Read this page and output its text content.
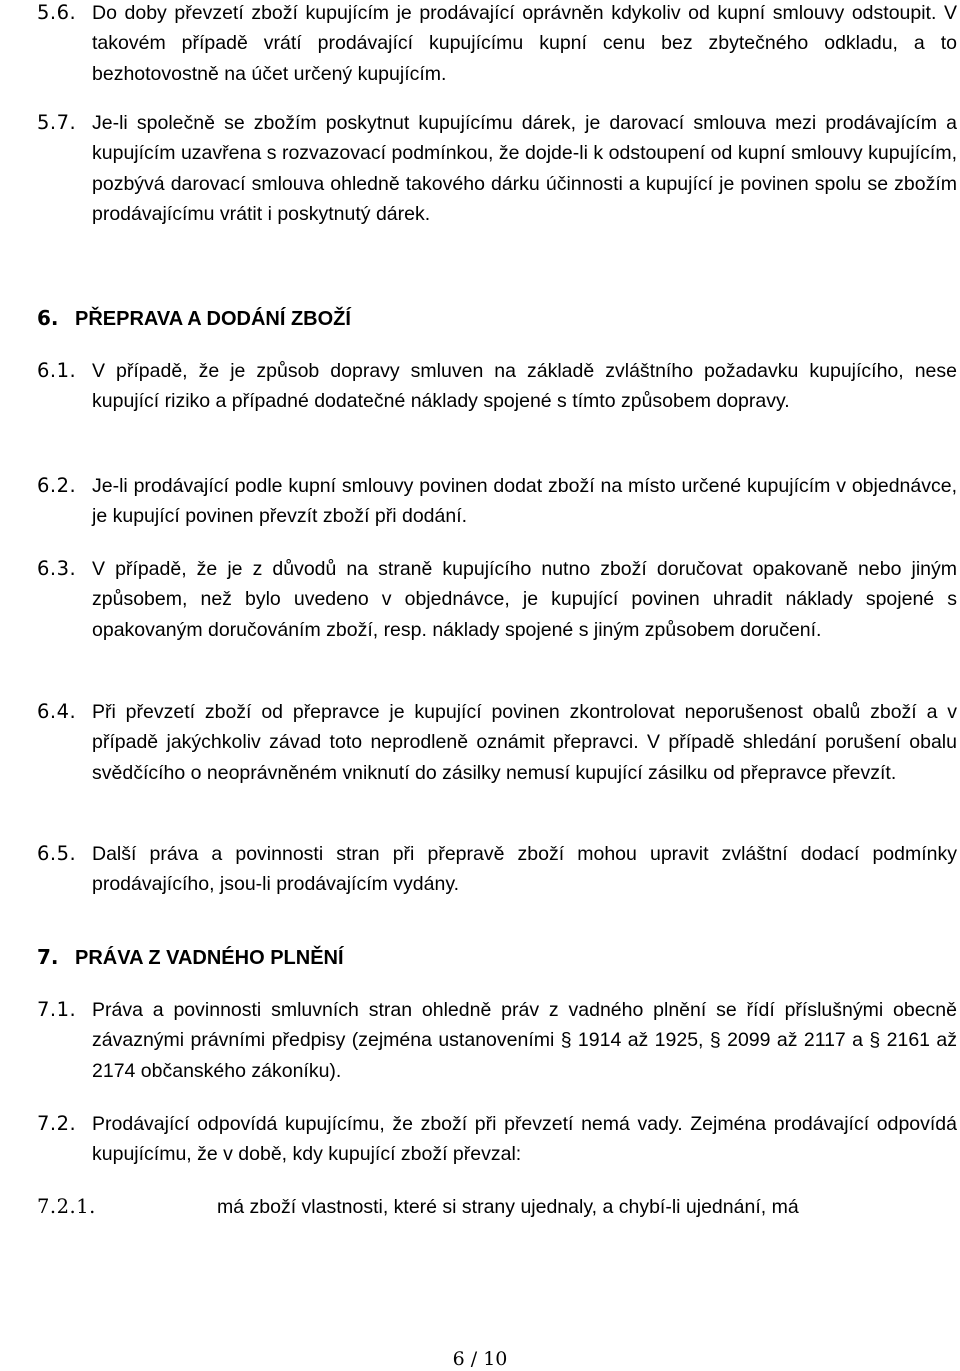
5.6. Do doby převzetí zboží kupujícím je prodávající oprávněn kdykoliv od kupní smlouvy odstoupit. V takovém případě vrátí prodávající kupujícímu kupní cenu bez zbytečného odkladu, a to bezhotovostně na účet určený kupujícím.
5.7. Je-li společně se zbožím poskytnut kupujícímu dárek, je darovací smlouva mezi prodávajícím a kupujícím uzavřena s rozvazovací podmínkou, že dojde-li k odstoupení od kupní smlouvy kupujícím, pozbývá darovací smlouva ohledně takového dárku účinnosti a kupující je povinen spolu se zbožím prodávajícímu vrátit i poskytnutý dárek.
6. PŘEPRAVA A DODÁNÍ ZBOŽÍ
6.1. V případě, že je způsob dopravy smluven na základě zvláštního požadavku kupujícího, nese kupující riziko a případné dodatečné náklady spojené s tímto způsobem dopravy.
6.2. Je-li prodávající podle kupní smlouvy povinen dodat zboží na místo určené kupujícím v objednávce, je kupující povinen převzít zboží při dodání.
6.3. V případě, že je z důvodů na straně kupujícího nutno zboží doručovat opakovaně nebo jiným způsobem, než bylo uvedeno v objednávce, je kupující povinen uhradit náklady spojené s opakovaným doručováním zboží, resp. náklady spojené s jiným způsobem doručení.
6.4. Při převzetí zboží od přepravce je kupující povinen zkontrolovat neporušenost obalů zboží a v případě jakýchkoliv závad toto neprodleně oznámit přepravci. V případě shledání porušení obalu svědčícího o neoprávněném vniknutí do zásilky nemusí kupující zásilku od přepravce převzít.
6.5. Další práva a povinnosti stran při přepravě zboží mohou upravit zvláštní dodací podmínky prodávajícího, jsou-li prodávajícím vydány.
7. PRÁVA Z VADNÉHO PLNĚNÍ
7.1. Práva a povinnosti smluvních stran ohledně práv z vadného plnění se řídí příslušnými obecně závaznými právními předpisy (zejména ustanoveními § 1914 až 1925, § 2099 až 2117 a § 2161 až 2174 občanského zákoníku).
7.2. Prodávající odpovídá kupujícímu, že zboží při převzetí nemá vady. Zejména prodávající odpovídá kupujícímu, že v době, kdy kupující zboží převzal:
7.2.1.	má zboží vlastnosti, které si strany ujednaly, a chybí-li ujednání, má
6 / 10
